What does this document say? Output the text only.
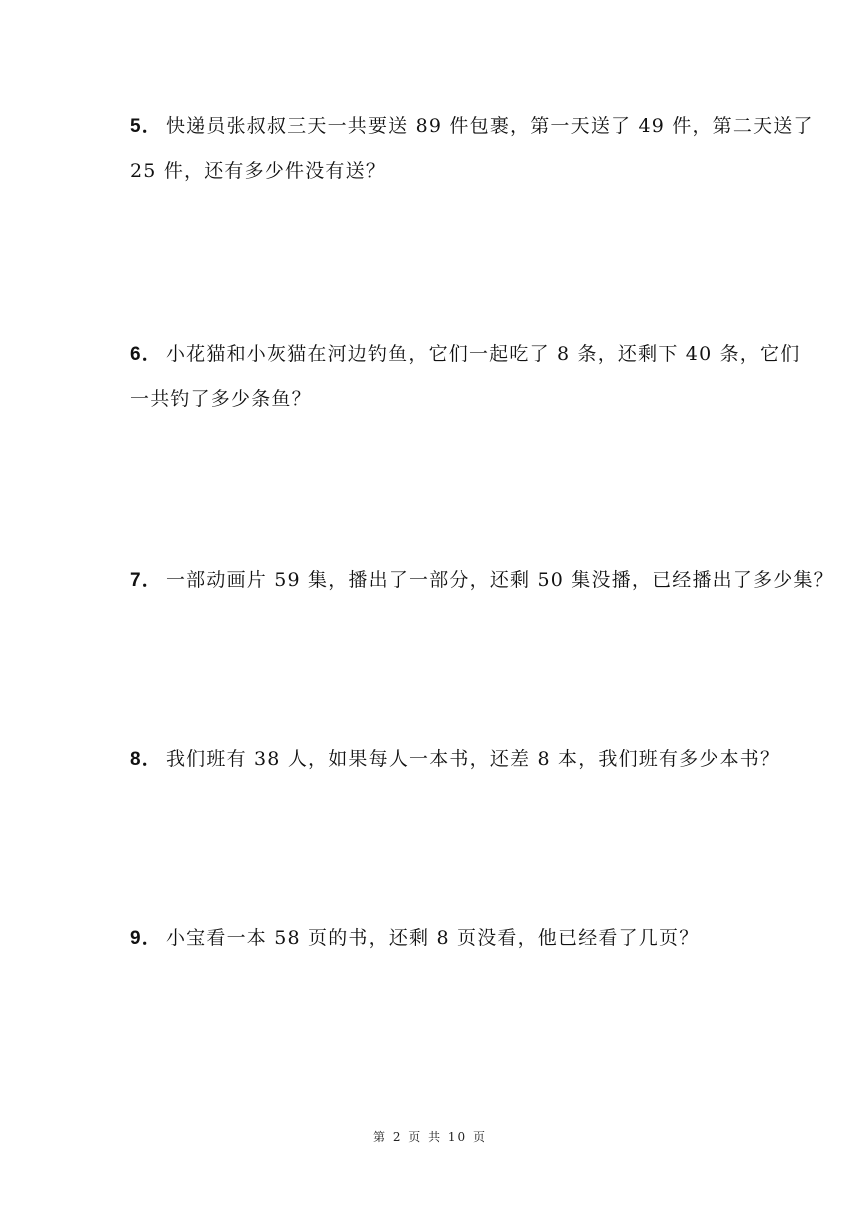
5． 快递员张叔叔三天一共要送 89 件包裹，第一天送了 49 件，第二天送了
25 件，还有多少件没有送？
6． 小花猫和小灰猫在河边钓鱼，它们一起吃了 8 条，还剩下 40 条，它们
一共钓了多少条鱼？
7． 一部动画片 59 集，播出了一部分，还剩 50 集没播，已经播出了多少集？
8． 我们班有 38 人，如果每人一本书，还差 8 本，我们班有多少本书？
9． 小宝看一本 58 页的书，还剩 8 页没看，他已经看了几页？
第 2 页 共 10 页
